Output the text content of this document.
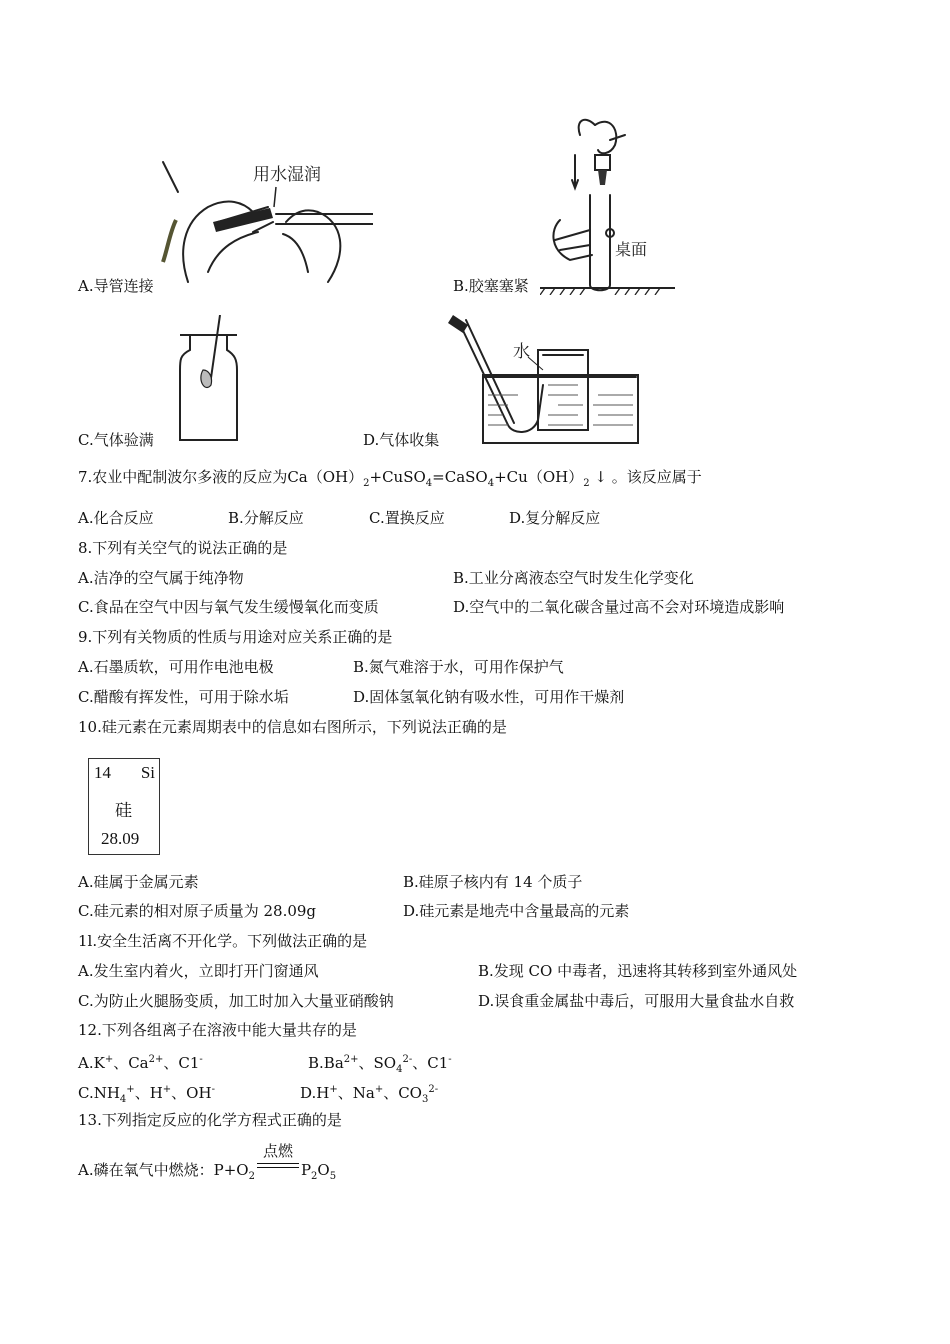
用水湿润
桌面
水
A.导管连接	B.胶塞塞紧
C.气体验满	D.气体收集
7.农业中配制波尔多液的反应为$Ca(OH)_2+CuSO_4=CaSO_4+Cu(OH)_2$ ↓ 。该反应属于
A.化合反应	B.分解反应	C.置换反应	D.复分解反应
8.下列有关空气的说法正确的是
A.洁净的空气属于纯净物	B.工业分离液态空气时发生化学变化
C.食品在空气中因与氧气发生缓慢氧化而变质	D.空气中的二氧化碳含量过高不会对环境造成影响
9.下列有关物质的性质与用途对应关系正确的是
A.石墨质软，可用作电池电极	B.氮气难溶于水，可用作保护气
C.醋酸有挥发性，可用于除水垢	D.固体氢氧化钠有吸水性，可用作干燥剂
10.硅元素在元素周期表中的信息如右图所示，下列说法正确的是
14 Si
硅
28.09
A.硅属于金属元素	B.硅原子核内有 14 个质子
C.硅元素的相对原子质量为 28.09g	D.硅元素是地壳中含量最高的元素
1l.安全生活离不开化学。下列做法正确的是
A.发生室内着火，立即打开门窗通风	B.发现 CO 中毒者，迅速将其转移到室外通风处
C.为防止火腿肠变质，加工时加入大量亚硝酸钠	D.误食重金属盐中毒后，可服用大量食盐水自救
12.下列各组离子在溶液中能大量共存的是
A.K+、$Ca^{2+}$、C1-	$B.Ba^{2+}$、$SO_4^{2-}$、C1-
$C.NH_4^+$、H+、OH-	D.H+、Na+、$CO_3^{2-}$
13.下列指定反应的化学方程式正确的是
A.磷在氧气中燃烧：$P+O_2$
点燃
$P_2O_5$
